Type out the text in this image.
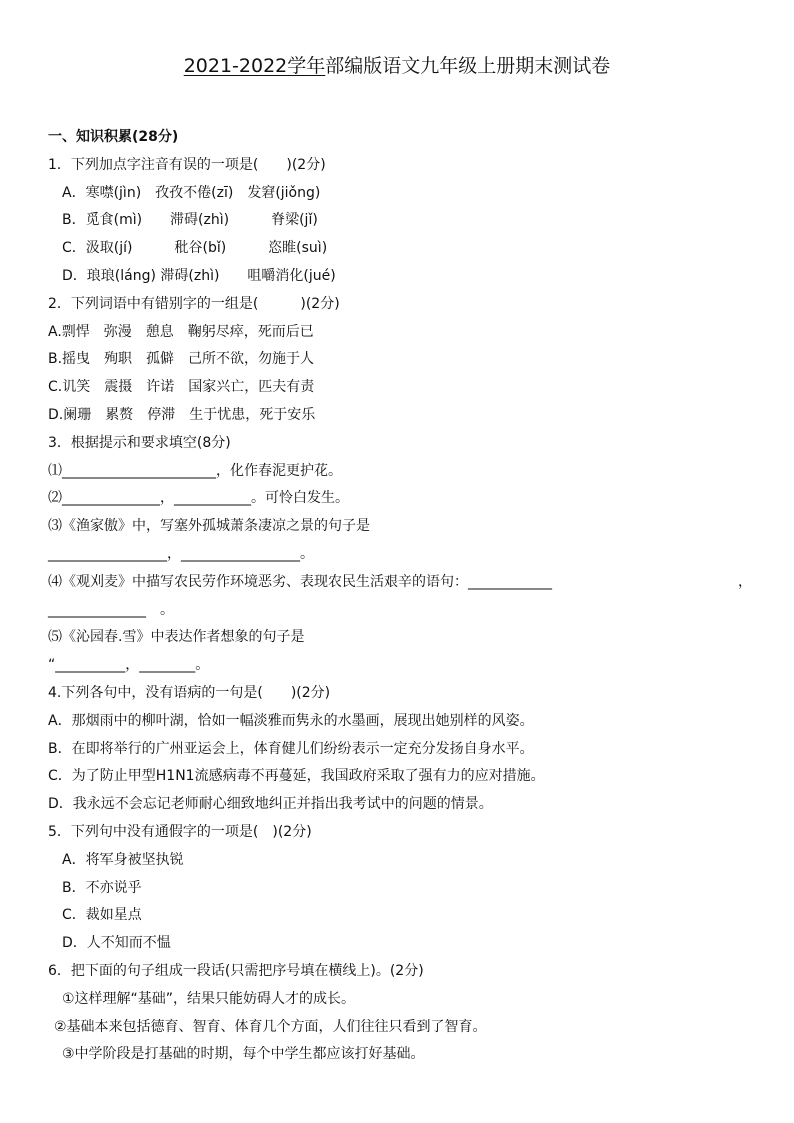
2021-2022学年部编版语文九年级上册期末测试卷
一、知识积累(28分)
1．下列加点字注音有误的一项是(　　)(2分)
A．寒噤(jìn)　孜孜不倦(zī)　发窘(jiǒng)
B．觅食(mì)　　滞碍(zhì)　　　脊梁(jǐ)
C．汲取(jí)　　　秕谷(bǐ)　　　恣睢(suì)
D．琅琅(láng) 滞碍(zhì)　　咀嚼消化(jué)
2．下列词语中有错别字的一组是(　　　)(2分)
A.剽悍　弥漫　憩息　鞠躬尽瘁，死而后已
B.摇曳　殉职　孤僻　己所不欲，勿施于人
C.讥笑　震摄　许诺　国家兴亡，匹夫有责
D.阑珊　累赘　停滞　生于忧患，死于安乐
3．根据提示和要求填空(8分)
⑴______________________，化作春泥更护花。
⑵______________，___________。可怜白发生。
⑶《渔家傲》中，写塞外孤城萧条凄凉之景的句子是
_________________，_________________。
⑷《观刈麦》中描写农民劳作环境恶劣、表现农民生活艰辛的语句：____________	，
______________　。
⑸《沁园春.雪》中表达作者想象的句子是
“__________，________。
4.下列各句中，没有语病的一句是(　　)(2分)
A．那烟雨中的柳叶湖，恰如一幅淡雅而隽永的水墨画，展现出她别样的风姿。
B．在即将举行的广州亚运会上，体育健儿们纷纷表示一定充分发扬自身水平。
C．为了防止甲型H1N1流感病毒不再蔓延，我国政府采取了强有力的应对措施。
D．我永远不会忘记老师耐心细致地纠正并指出我考试中的问题的情景。
5．下列句中没有通假字的一项是(　)(2分)
A．将军身被坚执锐
B．不亦说乎
C．裁如星点
D．人不知而不愠
6．把下面的句子组成一段话(只需把序号填在横线上)。(2分)
①这样理解“基础”，结果只能妨碍人才的成长。
②基础本来包括德育、智育、体育几个方面，人们往往只看到了智育。
③中学阶段是打基础的时期，每个中学生都应该打好基础。
